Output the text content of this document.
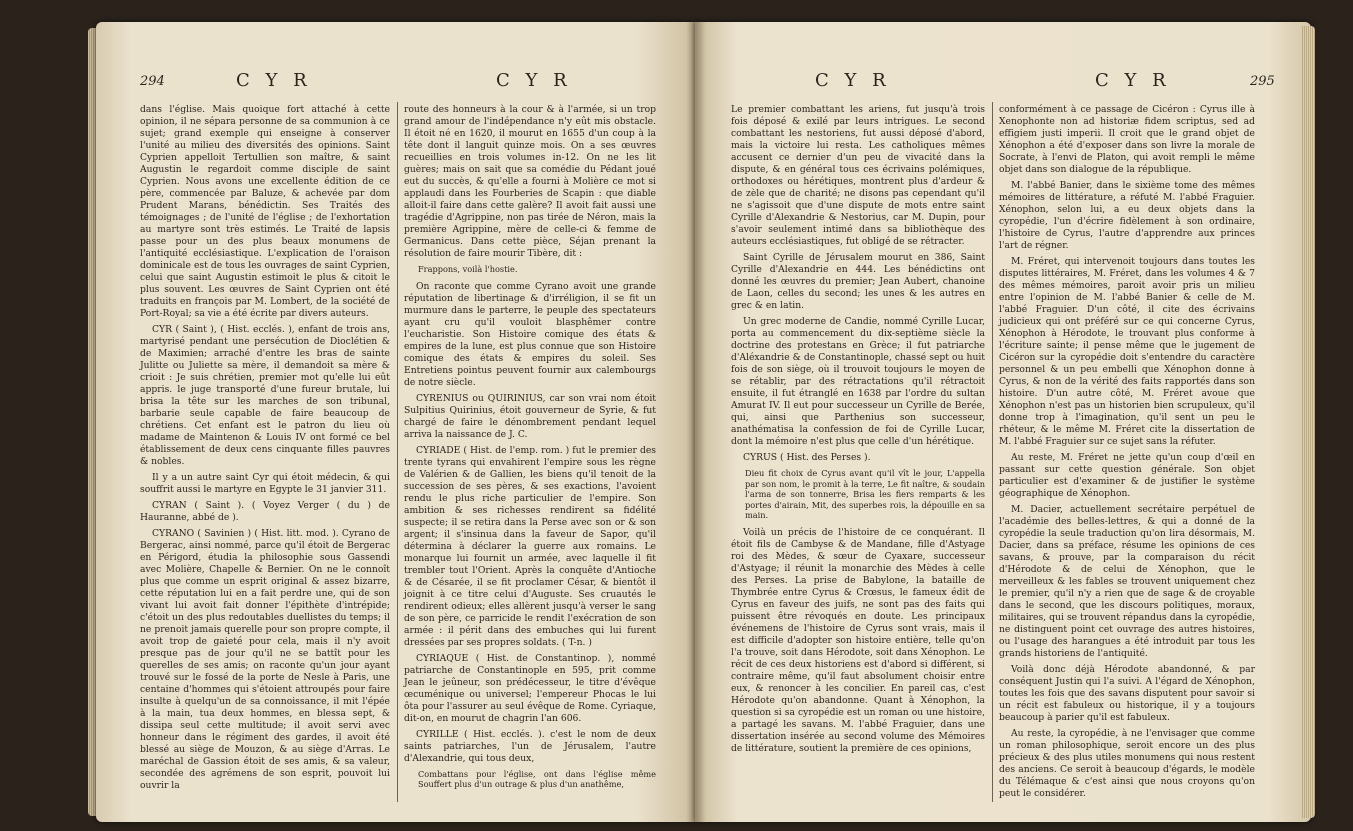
294	C Y R	C Y R

dans l'église. Mais quoique fort attaché à cette opinion, il ne sépara personne de sa communion à ce sujet; grand exemple qui enseigne à conserver l'unité au milieu des diversités des opinions. Saint Cyprien appelloit Tertullien son maître, & saint Augustin le regardoit comme disciple de saint Cyprien. Nous avons une excellente édition de ce père, commencée par Baluze, & achevée par dom Prudent Marans, bénédictin. Ses Traités des témoignages ; de l'unité de l'église ; de l'exhortation au martyre sont très estimés. Le Traité de lapsis passe pour un des plus beaux monumens de l'antiquité ecclésiastique. L'explication de l'oraison dominicale est de tous les ouvrages de saint Cyprien, celui que saint Augustin estimoit le plus & citoit le plus souvent. Les œuvres de Saint Cyprien ont été traduits en françois par M. Lombert, de la société de Port-Royal; sa vie a été écrite par divers auteurs.

CYR ( Saint ), ( Hist. ecclés. ), enfant de trois ans, martyrisé pendant une persécution de Dioclétien & de Maximien; arraché d'entre les bras de sainte Julitte ou Juliette sa mère, il demandoit sa mère & crioit : Je suis chrétien, premier mot qu'elle lui eût appris. le juge transporté d'une fureur brutale, lui brisa la tête sur les marches de son tribunal, barbarie seule capable de faire beaucoup de chrétiens. Cet enfant est le patron du lieu où madame de Maintenon & Louis IV ont formé ce bel établissement de deux cens cinquante filles pauvres & nobles.

Il y a un autre saint Cyr qui étoit médecin, & qui souffrit aussi le martyre en Egypte le 31 janvier 311.

CYRAN ( Saint ). ( Voyez Verger ( du ) de Hauranne, abbé de ).

CYRANO ( Savinien ) ( Hist. litt. mod. ). Cyrano de Bergerac, ainsi nommé, parce qu'il étoit de Bergerac en Périgord, étudia la philosophie sous Gassendi avec Molière, Chapelle & Bernier. On ne le connoît plus que comme un esprit original & assez bizarre, cette réputation lui en a fait perdre une, qui de son vivant lui avoit fait donner l'épithète d'intrépide; c'étoit un des plus redoutables duellistes du temps; il ne prenoit jamais querelle pour son propre compte, il avoit trop de gaieté pour cela, mais il n'y avoit presque pas de jour qu'il ne se battît pour les querelles de ses amis; on raconte qu'un jour ayant trouvé sur le fossé de la porte de Nesle à Paris, une centaine d'hommes qui s'étoient attroupés pour faire insulte à quelqu'un de sa connoissance, il mit l'épée à la main, tua deux hommes, en blessa sept, & dissipa seul cette multitude; il avoit servi avec honneur dans le régiment des gardes, il avoit été blessé au siège de Mouzon, & au siège d'Arras. Le maréchal de Gassion étoit de ses amis, & sa valeur, secondée des agrémens de son esprit, pouvoit lui ouvrir la

route des honneurs à la cour & à l'armée, si un trop grand amour de l'indépendance n'y eût mis obstacle. Il étoit né en 1620, il mourut en 1655 d'un coup à la tête dont il languit quinze mois. On a ses œuvres recueillies en trois volumes in-12. On ne les lit guères; mais on sait que sa comédie du Pédant joué eut du succès, & qu'elle a fourni à Molière ce mot si applaudi dans les Fourberies de Scapin : que diable alloit-il faire dans cette galère? Il avoit fait aussi une tragédie d'Agrippine, non pas tirée de Néron, mais la première Agrippine, mère de celle-ci & femme de Germanicus. Dans cette pièce, Séjan prenant la résolution de faire mourir Tibère, dit :

Frappons, voilà l'hostie.

On raconte que comme Cyrano avoit une grande réputation de libertinage & d'irréligion, il se fit un murmure dans le parterre, le peuple des spectateurs ayant cru qu'il vouloit blasphêmer contre l'eucharistie. Son Histoire comique des états & empires de la lune, est plus connue que son Histoire comique des états & empires du soleil. Ses Entretiens pointus peuvent fournir aux calembourgs de notre siècle.

CYRENIUS ou QUIRINIUS, car son vrai nom étoit Sulpitius Quirinius, étoit gouverneur de Syrie, & fut chargé de faire le dénombrement pendant lequel arriva la naissance de J. C.

CYRIADE ( Hist. de l'emp. rom. ) fut le premier des trente tyrans qui envahirent l'empire sous les règne de Valérien & de Gallien, les biens qu'il tenoit de la succession de ses pères, & ses exactions, l'avoient rendu le plus riche particulier de l'empire. Son ambition & ses richesses rendirent sa fidélité suspecte; il se retira dans la Perse avec son or & son argent; il s'insinua dans la faveur de Sapor, qu'il détermina à déclarer la guerre aux romains. Le monarque lui fournit un armée, avec laquelle il fit trembler tout l'Orient. Après la conquête d'Antioche & de Césarée, il se fit proclamer César, & bientôt il joignit à ce titre celui d'Auguste. Ses cruautés le rendirent odieux; elles allèrent jusqu'à verser le sang de son père, ce parricide le rendit l'exécration de son armée : il périt dans des embuches qui lui furent dressées par ses propres soldats. ( T-n. )

CYRIAQUE ( Hist. de Constantinop. ), nommé patriarche de Constantinople en 595, prit comme Jean le jeûneur, son prédécesseur, le titre d'évêque œcuménique ou universel; l'empereur Phocas le lui ôta pour l'assurer au seul évêque de Rome. Cyriaque, dit-on, en mourut de chagrin l'an 606.

CYRILLE ( Hist. ecclés. ). c'est le nom de deux saints patriarches, l'un de Jérusalem, l'autre d'Alexandrie, qui tous deux,

Combattans pour l'église, ont dans l'église même Souffert plus d'un outrage & plus d'un anathême,

C Y R	C Y R	295

Le premier combattant les ariens, fut jusqu'à trois fois déposé & exilé par leurs intrigues. Le second combattant les nestoriens, fut aussi déposé d'abord, mais la victoire lui resta. Les catholiques mêmes accusent ce dernier d'un peu de vivacité dans la dispute, & en général tous ces écrivains polémiques, orthodoxes ou hérétiques, montrent plus d'ardeur & de zèle que de charité; ne disons pas cependant qu'il ne s'agissoit que d'une dispute de mots entre saint Cyrille d'Alexandrie & Nestorius, car M. Dupin, pour s'avoir seulement intimé dans sa bibliothèque des auteurs ecclésiastiques, fut obligé de se rétracter.

Saint Cyrille de Jérusalem mourut en 386, Saint Cyrille d'Alexandrie en 444. Les bénédictins ont donné les œuvres du premier; Jean Aubert, chanoine de Laon, celles du second; les unes & les autres en grec & en latin.

Un grec moderne de Candie, nommé Cyrille Lucar, porta au commencement du dix-septième siècle la doctrine des protestans en Grèce; il fut patriarche d'Aléxandrie & de Constantinople, chassé sept ou huit fois de son siège, où il trouvoit toujours le moyen de se rétablir, par des rétractations qu'il rétractoit ensuite, il fut étranglé en 1638 par l'ordre du sultan Amurat IV. Il eut pour successeur un Cyrille de Berée, qui, ainsi que Parthenius son successeur, anathématisa la confession de foi de Cyrille Lucar, dont la mémoire n'est plus que celle d'un hérétique.

CYRUS ( Hist. des Perses ).

Dieu fit choix de Cyrus avant qu'il vît le jour, L'appella par son nom, le promit à la terre, Le fit naître, & soudain l'arma de son tonnerre, Brisa les fiers remparts & les portes d'airain, Mit, des superbes rois, la dépouille en sa main.

Voilà un précis de l'histoire de ce conquérant. Il étoit fils de Cambyse & de Mandane, fille d'Astyage roi des Mèdes, & sœur de Cyaxare, successeur d'Astyage; il réunit la monarchie des Mèdes à celle des Perses. La prise de Babylone, la bataille de Thymbrée entre Cyrus & Crœsus, le fameux édit de Cyrus en faveur des juifs, ne sont pas des faits qui puissent être révoqués en doute. Les principaux événemens de l'histoire de Cyrus sont vrais, mais il est difficile d'adopter son histoire entière, telle qu'on l'a trouve, soit dans Hérodote, soit dans Xénophon. Le récit de ces deux historiens est d'abord si différent, si contraire même, qu'il faut absolument choisir entre eux, & renoncer à les concilier. En pareil cas, c'est Hérodote qu'on abandonne. Quant à Xénophon, la question si sa cyropédie est un roman ou une histoire, a partagé les savans. M. l'abbé Fraguier, dans une dissertation insérée au second volume des Mémoires de littérature, soutient la première de ces opinions,

conformément à ce passage de Cicéron : Cyrus ille à Xenophonte non ad historiæ fidem scriptus, sed ad effigiem justi imperii. Il croit que le grand objet de Xénophon a été d'exposer dans son livre la morale de Socrate, à l'envi de Platon, qui avoit rempli le même objet dans son dialogue de la république.

M. l'abbé Banier, dans le sixième tome des mêmes mémoires de littérature, a réfuté M. l'abbé Fraguier. Xénophon, selon lui, a eu deux objets dans la cyropédie, l'un d'écrire fidèlement à son ordinaire, l'histoire de Cyrus, l'autre d'apprendre aux princes l'art de régner.

M. Fréret, qui intervenoit toujours dans toutes les disputes littéraires, M. Fréret, dans les volumes 4 & 7 des mêmes mémoires, paroit avoir pris un milieu entre l'opinion de M. l'abbé Banier & celle de M. l'abbé Fraguier. D'un côté, il cite des écrivains judicieux qui ont préféré sur ce qui concerne Cyrus, Xénophon à Hérodote, le trouvant plus conforme à l'écriture sainte; il pense même que le jugement de Cicéron sur la cyropédie doit s'entendre du caractère personnel & un peu embelli que Xénophon donne à Cyrus, & non de la vérité des faits rapportés dans son histoire. D'un autre côté, M. Fréret avoue que Xénophon n'est pas un historien bien scrupuleux, qu'il donne trop à l'imagination, qu'il sent un peu le rhéteur, & le même M. Fréret cite la dissertation de M. l'abbé Fraguier sur ce sujet sans la réfuter.

Au reste, M. Fréret ne jette qu'un coup d'œil en passant sur cette question générale. Son objet particulier est d'examiner & de justifier le système géographique de Xénophon.

M. Dacier, actuellement secrétaire perpétuel de l'académie des belles-lettres, & qui a donné de la cyropédie la seule traduction qu'on lira désormais, M. Dacier, dans sa préface, résume les opinions de ces savans, & prouve, par la comparaison du récit d'Hérodote & de celui de Xénophon, que le merveilleux & les fables se trouvent uniquement chez le premier, qu'il n'y a rien que de sage & de croyable dans le second, que les discours politiques, moraux, militaires, qui se trouvent répandus dans la cyropédie, ne distinguent point cet ouvrage des autres histoires, ou l'usage des harangues a été introduit par tous les grands historiens de l'antiquité.

Voilà donc déjà Hérodote abandonné, & par conséquent Justin qui l'a suivi. A l'égard de Xénophon, toutes les fois que des savans disputent pour savoir si un récit est fabuleux ou historique, il y a toujours beaucoup à parier qu'il est fabuleux.

Au reste, la cyropédie, à ne l'envisager que comme un roman philosophique, seroit encore un des plus précieux & des plus utiles monumens qui nous restent des anciens. Ce seroit à beaucoup d'égards, le modèle du Télémaque & c'est ainsi que nous croyons qu'on peut le considérer.
